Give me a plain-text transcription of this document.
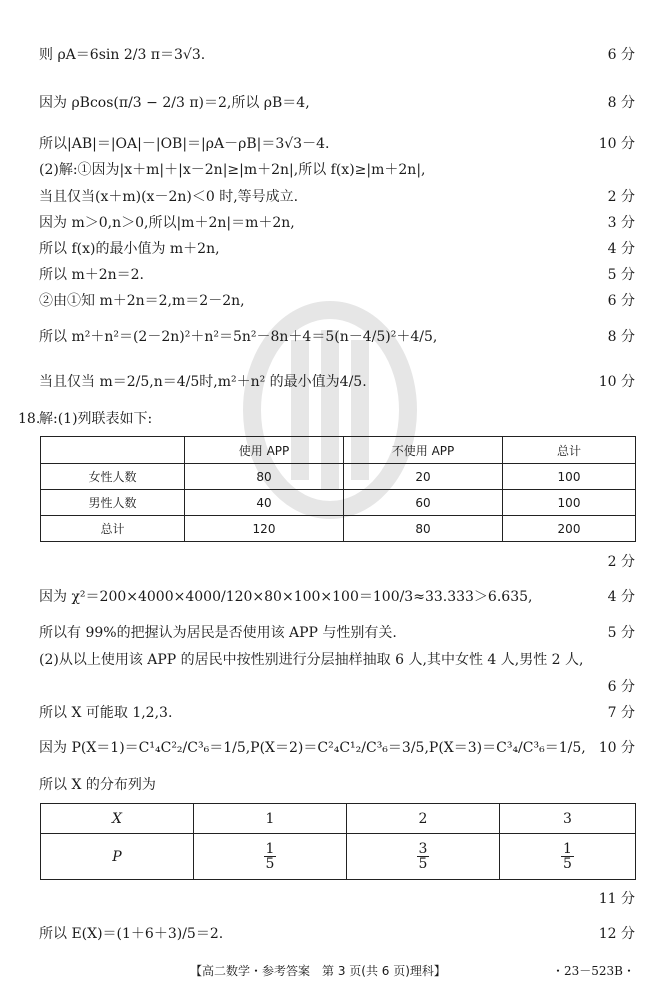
则 ρA＝6sin 2/3 π＝3√3.	6 分
因为 ρBcos(π/3 − 2/3 π)＝2,所以 ρB＝4,	8 分
所以|AB|＝|OA|－|OB|＝|ρA－ρB|＝3√3－4.	10 分
(2)解:①因为|x＋m|＋|x－2n|≥|m＋2n|,所以 f(x)≥|m＋2n|,
当且仅当(x＋m)(x－2n)＜0 时,等号成立.	2 分
因为 m＞0,n＞0,所以|m＋2n|＝m＋2n,	3 分
所以 f(x)的最小值为 m＋2n,	4 分
所以 m＋2n＝2.	5 分
②由①知 m＋2n＝2,m＝2－2n,	6 分
所以 m²＋n²＝(2－2n)²＋n²＝5n²－8n＋4＝5(n－4/5)²＋4/5,	8 分
当且仅当 m＝2/5,n＝4/5时,m²＋n² 的最小值为4/5.	10 分
18.
解:(1)列联表如下:
	使用 APP	不使用 APP	总计
女性人数	80	20	100
男性人数	40	60	100
总计	120	80	200
2 分
因为 χ²＝200×4000×4000/120×80×100×100＝100/3≈33.333＞6.635,	4 分
所以有 99%的把握认为居民是否使用该 APP 与性别有关.	5 分
(2)从以上使用该 APP 的居民中按性别进行分层抽样抽取 6 人,其中女性 4 人,男性 2 人,
6 分
所以 X 可能取 1,2,3.	7 分
因为 P(X＝1)＝C¹₄C²₂/C³₆＝1/5,P(X＝2)＝C²₄C¹₂/C³₆＝3/5,P(X＝3)＝C³₄/C³₆＝1/5, 10 分
所以 X 的分布列为
X	1	2	3
P	$\frac{1}{5}$	$\frac{3}{5}$	$\frac{1}{5}$
11 分
所以 E(X)＝(1＋6＋3)/5＝2.	12 分
【高二数学・参考答案　第 3 页(共 6 页)理科】	・23－523B・
